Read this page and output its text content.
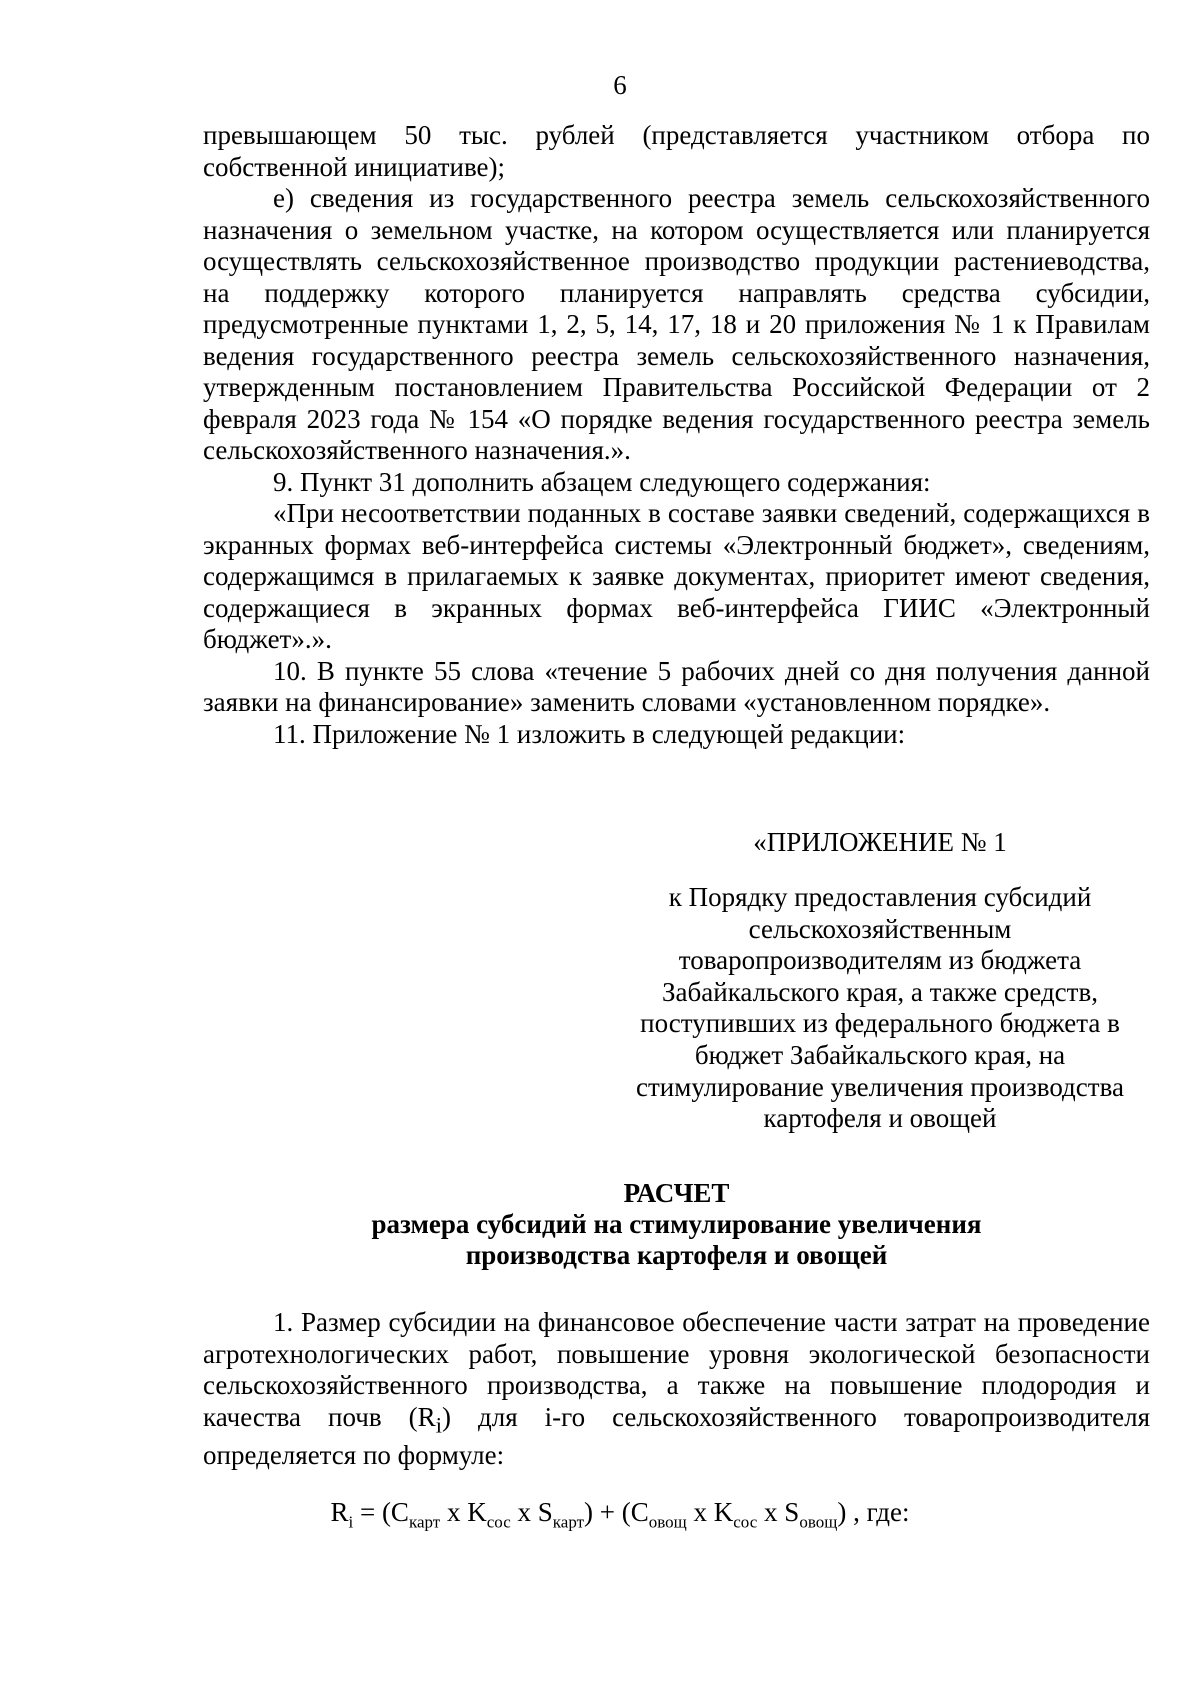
6

превышающем 50 тыс. рублей (представляется участником отбора по собственной инициативе);

е) сведения из государственного реестра земель сельскохозяйственного назначения о земельном участке, на котором осуществляется или планируется осуществлять сельскохозяйственное производство продукции растениеводства, на поддержку которого планируется направлять средства субсидии, предусмотренные пунктами 1, 2, 5, 14, 17, 18 и 20 приложения № 1 к Правилам ведения государственного реестра земель сельскохозяйственного назначения, утвержденным постановлением Правительства Российской Федерации от 2 февраля 2023 года № 154 «О порядке ведения государственного реестра земель сельскохозяйственного назначения.».

9. Пункт 31 дополнить абзацем следующего содержания:

«При несоответствии поданных в составе заявки сведений, содержащихся в экранных формах веб-интерфейса системы «Электронный бюджет», сведениям, содержащимся в прилагаемых к заявке документах, приоритет имеют сведения, содержащиеся в экранных формах веб-интерфейса ГИИС «Электронный бюджет».».

10. В пункте 55 слова «течение 5 рабочих дней со дня получения данной заявки на финансирование» заменить словами «установленном порядке».

11. Приложение № 1 изложить в следующей редакции:

«ПРИЛОЖЕНИЕ № 1
к Порядку предоставления субсидий
сельскохозяйственным
товаропроизводителям из бюджета
Забайкальского края, а также средств,
поступивших из федерального бюджета в
бюджет Забайкальского края, на
стимулирование увеличения производства
картофеля и овощей
РАСЧЕТ
размера субсидий на стимулирование увеличения
производства картофеля и овощей

1. Размер субсидии на финансовое обеспечение части затрат на проведение агротехнологических работ, повышение уровня экологической безопасности сельскохозяйственного производства, а также на повышение плодородия и качества почв $(R_i)$ для i-го сельскохозяйственного товаропроизводителя определяется по формуле:

$R_i = (C_{карт}$ x $K_{сос}$ x $S_{карт}) + (C_{овощ}$ x $K_{сос}$ x $S_{овощ}$) , где:
